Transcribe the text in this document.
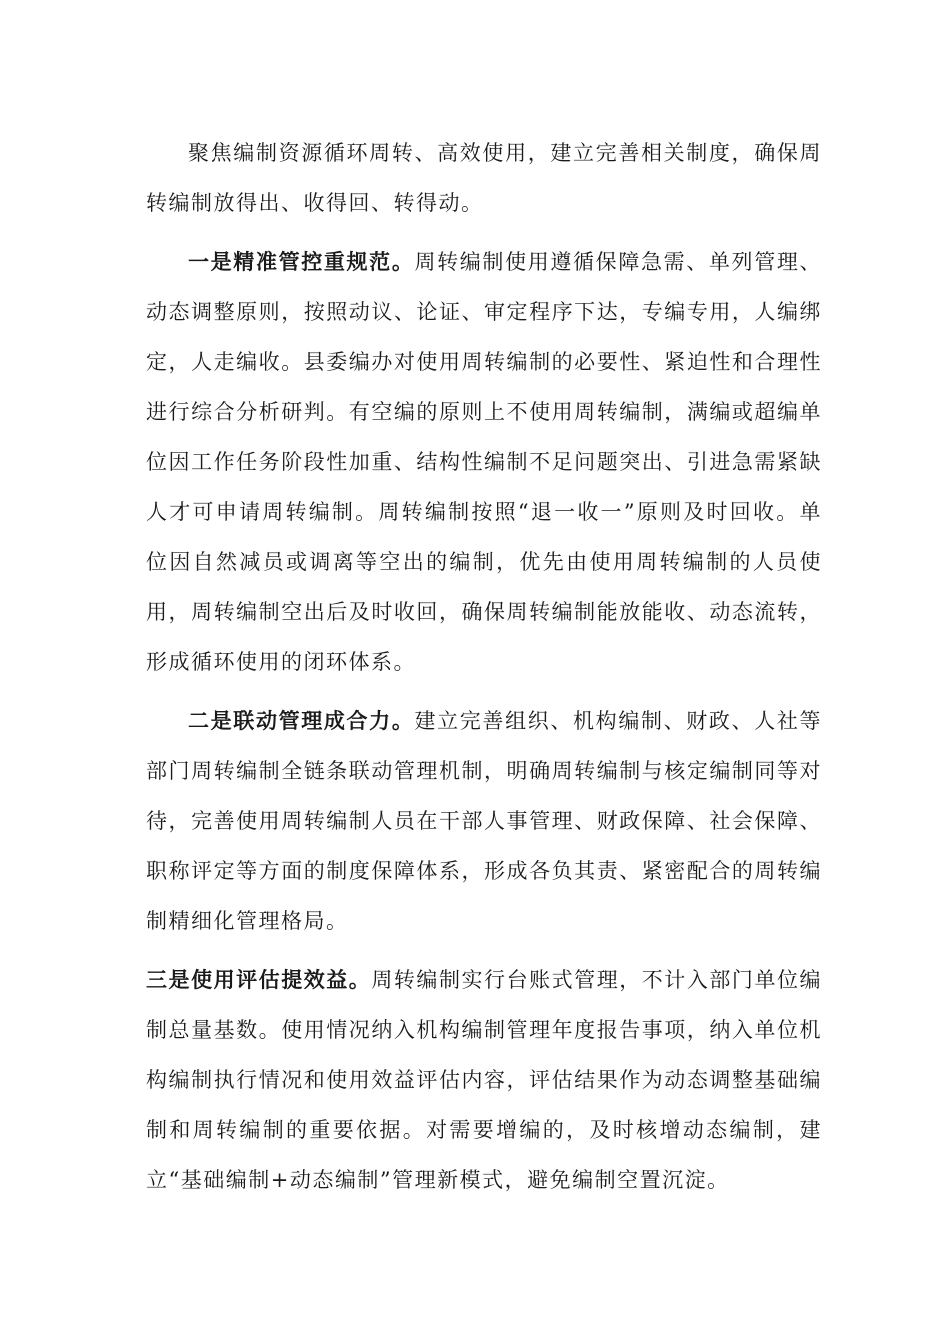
聚焦编制资源循环周转、高效使用，建立完善相关制度，确保周转编制放得出、收得回、转得动。

一是精准管控重规范。周转编制使用遵循保障急需、单列管理、动态调整原则，按照动议、论证、审定程序下达，专编专用，人编绑定，人走编收。县委编办对使用周转编制的必要性、紧迫性和合理性进行综合分析研判。有空编的原则上不使用周转编制，满编或超编单位因工作任务阶段性加重、结构性编制不足问题突出、引进急需紧缺人才可申请周转编制。周转编制按照“退一收一”原则及时回收。单位因自然减员或调离等空出的编制，优先由使用周转编制的人员使用，周转编制空出后及时收回，确保周转编制能放能收、动态流转，形成循环使用的闭环体系。

二是联动管理成合力。建立完善组织、机构编制、财政、人社等部门周转编制全链条联动管理机制，明确周转编制与核定编制同等对待，完善使用周转编制人员在干部人事管理、财政保障、社会保障、职称评定等方面的制度保障体系，形成各负其责、紧密配合的周转编制精细化管理格局。

三是使用评估提效益。周转编制实行台账式管理，不计入部门单位编制总量基数。使用情况纳入机构编制管理年度报告事项，纳入单位机构编制执行情况和使用效益评估内容，评估结果作为动态调整基础编制和周转编制的重要依据。对需要增编的，及时核增动态编制，建立“基础编制+动态编制”管理新模式，避免编制空置沉淀。
